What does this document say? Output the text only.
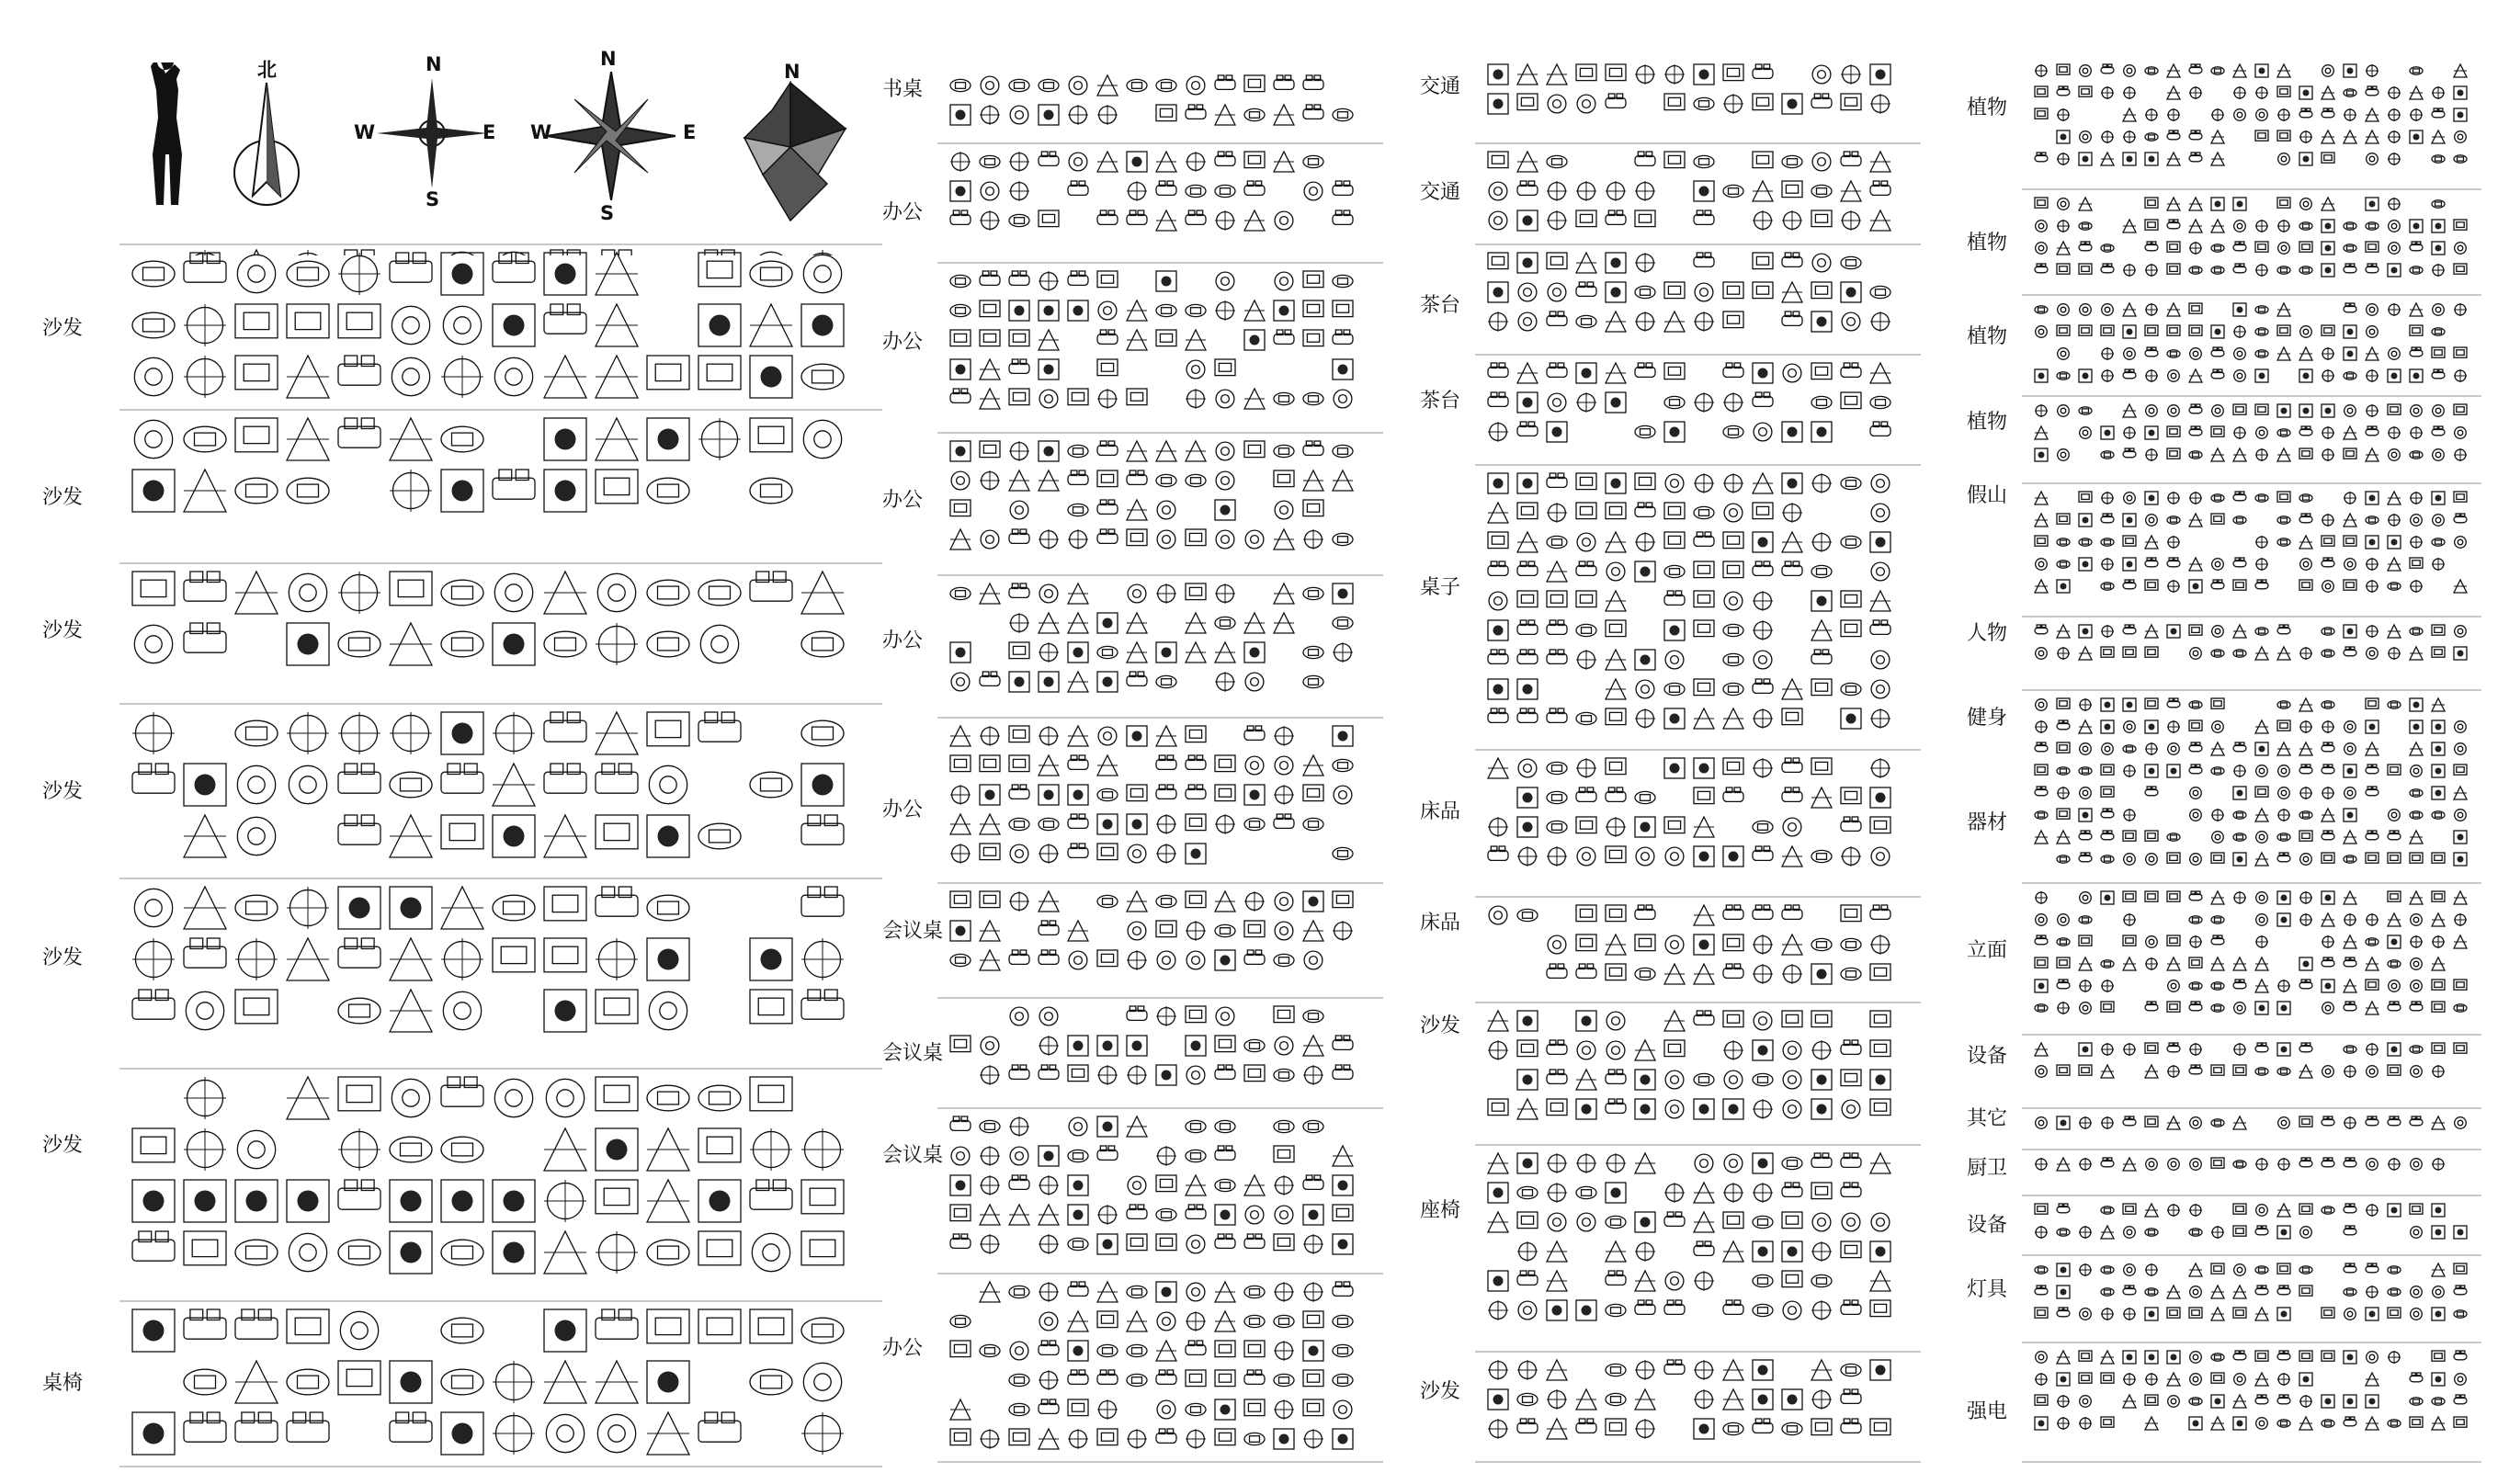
北	N
W	E
S
N
W	E
S
N
沙发
沙发
沙发
沙发
沙发
沙发
桌椅
书桌
办公
办公
办公
办公
办公
会议桌
会议桌
会议桌
办公
交通
交通
茶台
茶台
桌子
床品
床品
沙发
座椅
沙发
植物
植物
植物
植物
假山
人物
健身
器材
立面
设备
其它
厨卫
设备
灯具
强电
